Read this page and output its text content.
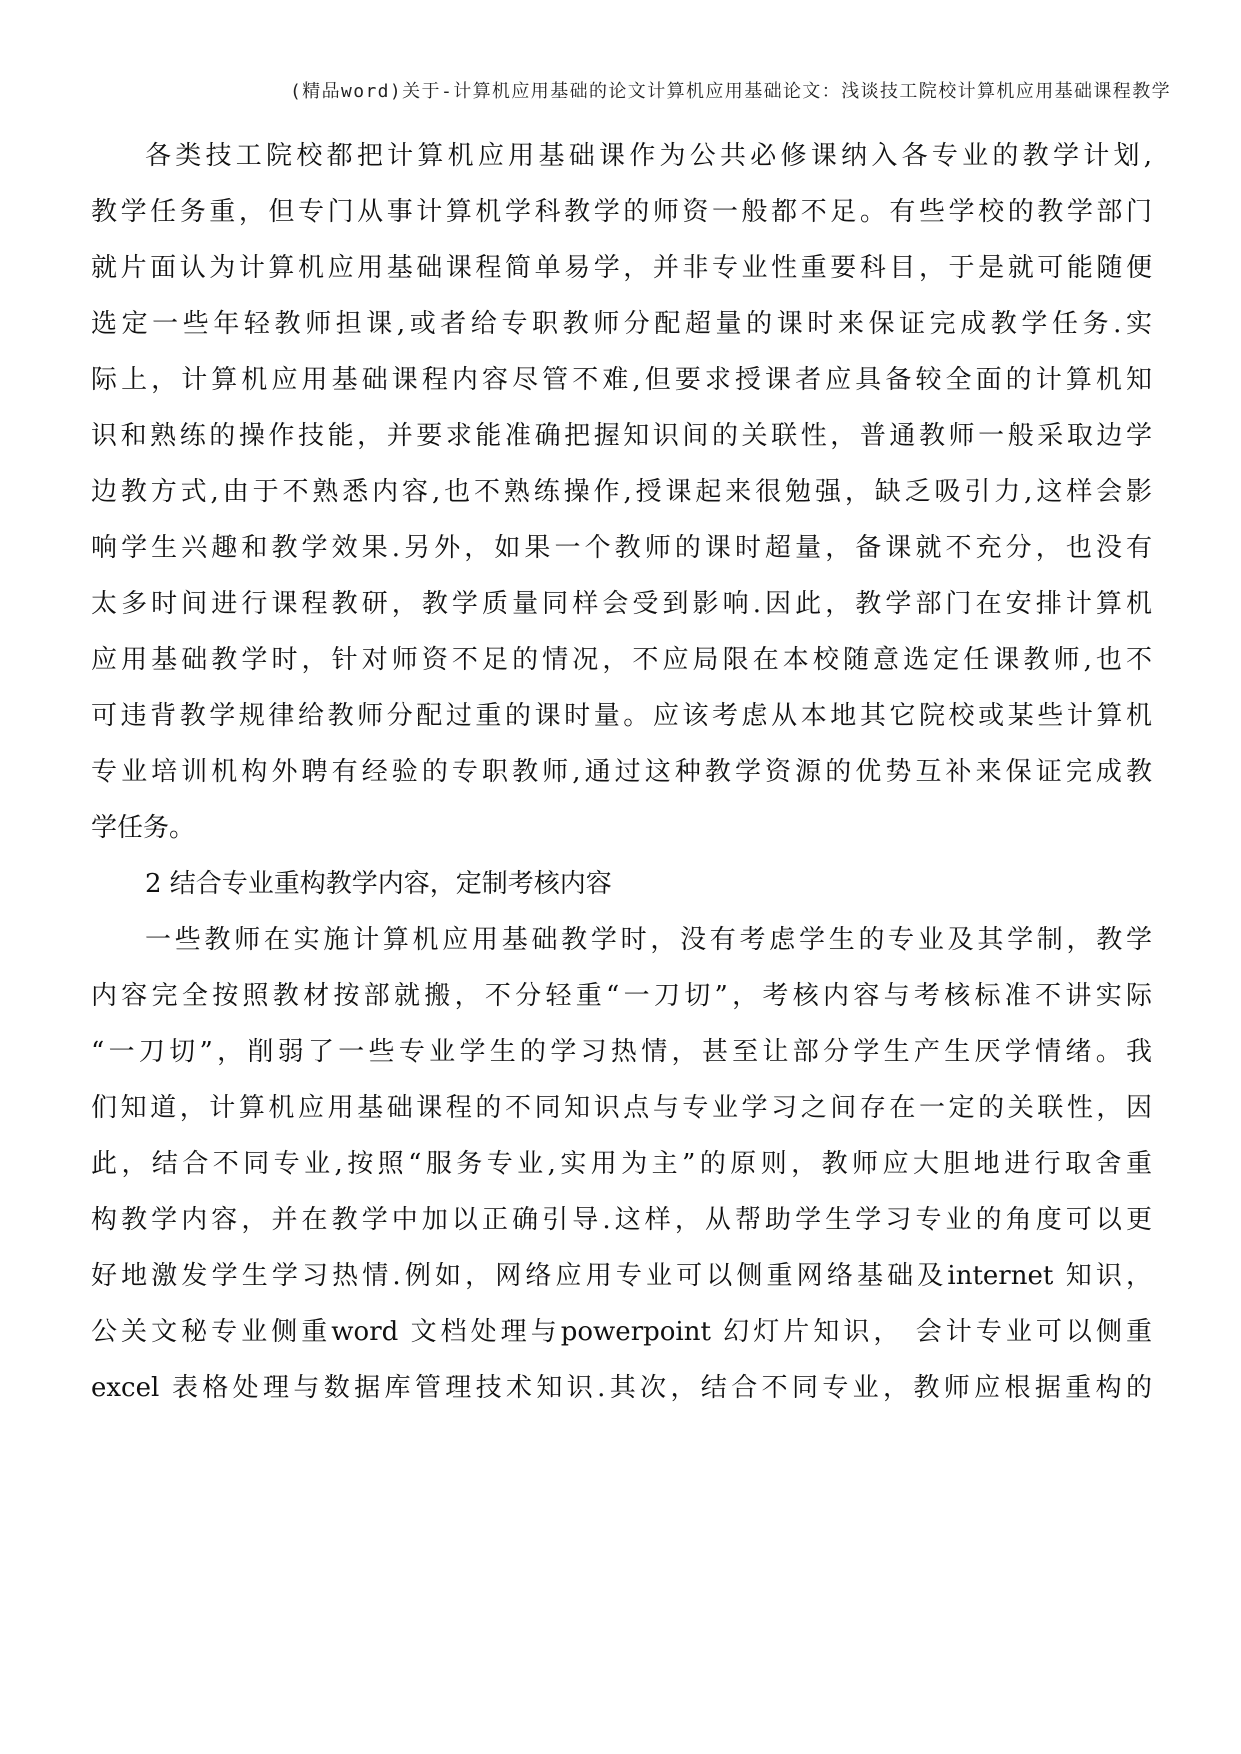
(精品word)关于-计算机应用基础的论文计算机应用基础论文：浅谈技工院校计算机应用基础课程教学
各类技工院校都把计算机应用基础课作为公共必修课纳入各专业的教学计划,
教学任务重，但专门从事计算机学科教学的师资一般都不足。有些学校的教学部门
就片面认为计算机应用基础课程简单易学，并非专业性重要科目，于是就可能随便
选定一些年轻教师担课,或者给专职教师分配超量的课时来保证完成教学任务.实
际上，计算机应用基础课程内容尽管不难,但要求授课者应具备较全面的计算机知
识和熟练的操作技能，并要求能准确把握知识间的关联性，普通教师一般采取边学
边教方式,由于不熟悉内容,也不熟练操作,授课起来很勉强，缺乏吸引力,这样会影
响学生兴趣和教学效果.另外，如果一个教师的课时超量，备课就不充分，也没有
太多时间进行课程教研，教学质量同样会受到影响.因此，教学部门在安排计算机
应用基础教学时，针对师资不足的情况，不应局限在本校随意选定任课教师,也不
可违背教学规律给教师分配过重的课时量。应该考虑从本地其它院校或某些计算机
专业培训机构外聘有经验的专职教师,通过这种教学资源的优势互补来保证完成教
学任务。
2 结合专业重构教学内容，定制考核内容
一些教师在实施计算机应用基础教学时，没有考虑学生的专业及其学制，教学
内容完全按照教材按部就搬，不分轻重“一刀切”，考核内容与考核标准不讲实际
“一刀切”，削弱了一些专业学生的学习热情，甚至让部分学生产生厌学情绪。我
们知道，计算机应用基础课程的不同知识点与专业学习之间存在一定的关联性，因
此，结合不同专业,按照“服务专业,实用为主”的原则，教师应大胆地进行取舍重
构教学内容，并在教学中加以正确引导.这样，从帮助学生学习专业的角度可以更
好地激发学生学习热情.例如，网络应用专业可以侧重网络基础及internet 知识，
公关文秘专业侧重word 文档处理与powerpoint 幻灯片知识， 会计专业可以侧重
excel 表格处理与数据库管理技术知识.其次，结合不同专业，教师应根据重构的
